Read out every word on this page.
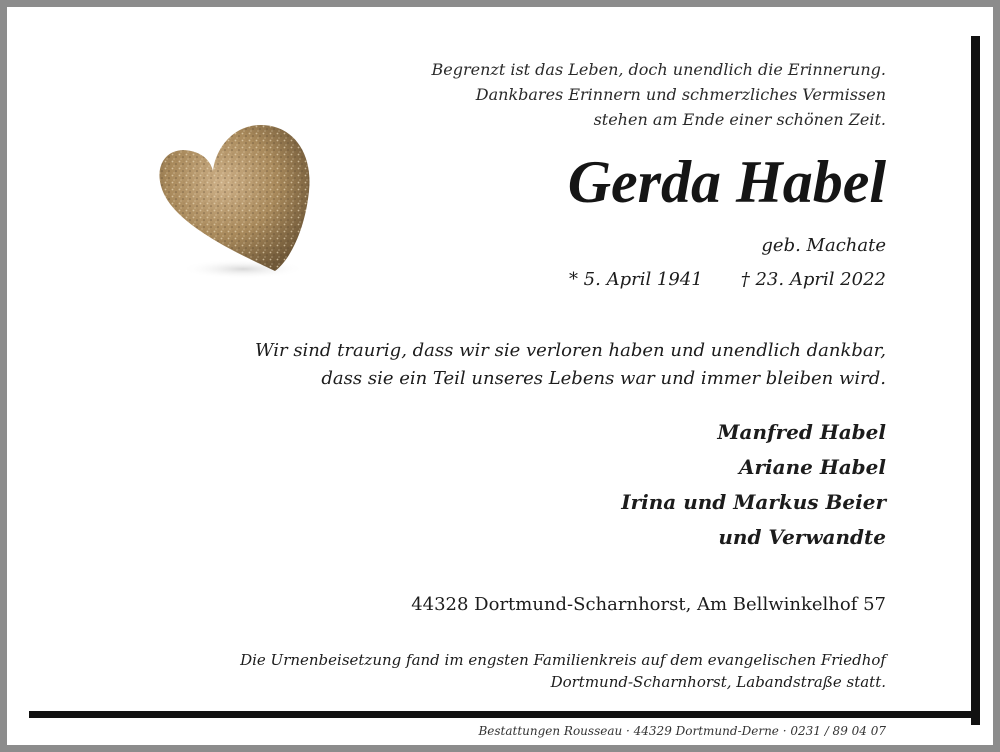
Begrenzt ist das Leben, doch unendlich die Erinnerung.
Dankbares Erinnern und schmerzliches Vermissen
stehen am Ende einer schönen Zeit.
Gerda Habel
geb. Machate
* 5. April 1941 † 23. April 2022
Wir sind traurig, dass wir sie verloren haben und unendlich dankbar,
dass sie ein Teil unseres Lebens war und immer bleiben wird.
Manfred Habel
Ariane Habel
Irina und Markus Beier
und Verwandte
44328 Dortmund-Scharnhorst, Am Bellwinkelhof 57
Die Urnenbeisetzung fand im engsten Familienkreis auf dem evangelischen Friedhof
Dortmund-Scharnhorst, Labandstraße statt.
Bestattungen Rousseau · 44329 Dortmund-Derne · 0231 / 89 04 07
